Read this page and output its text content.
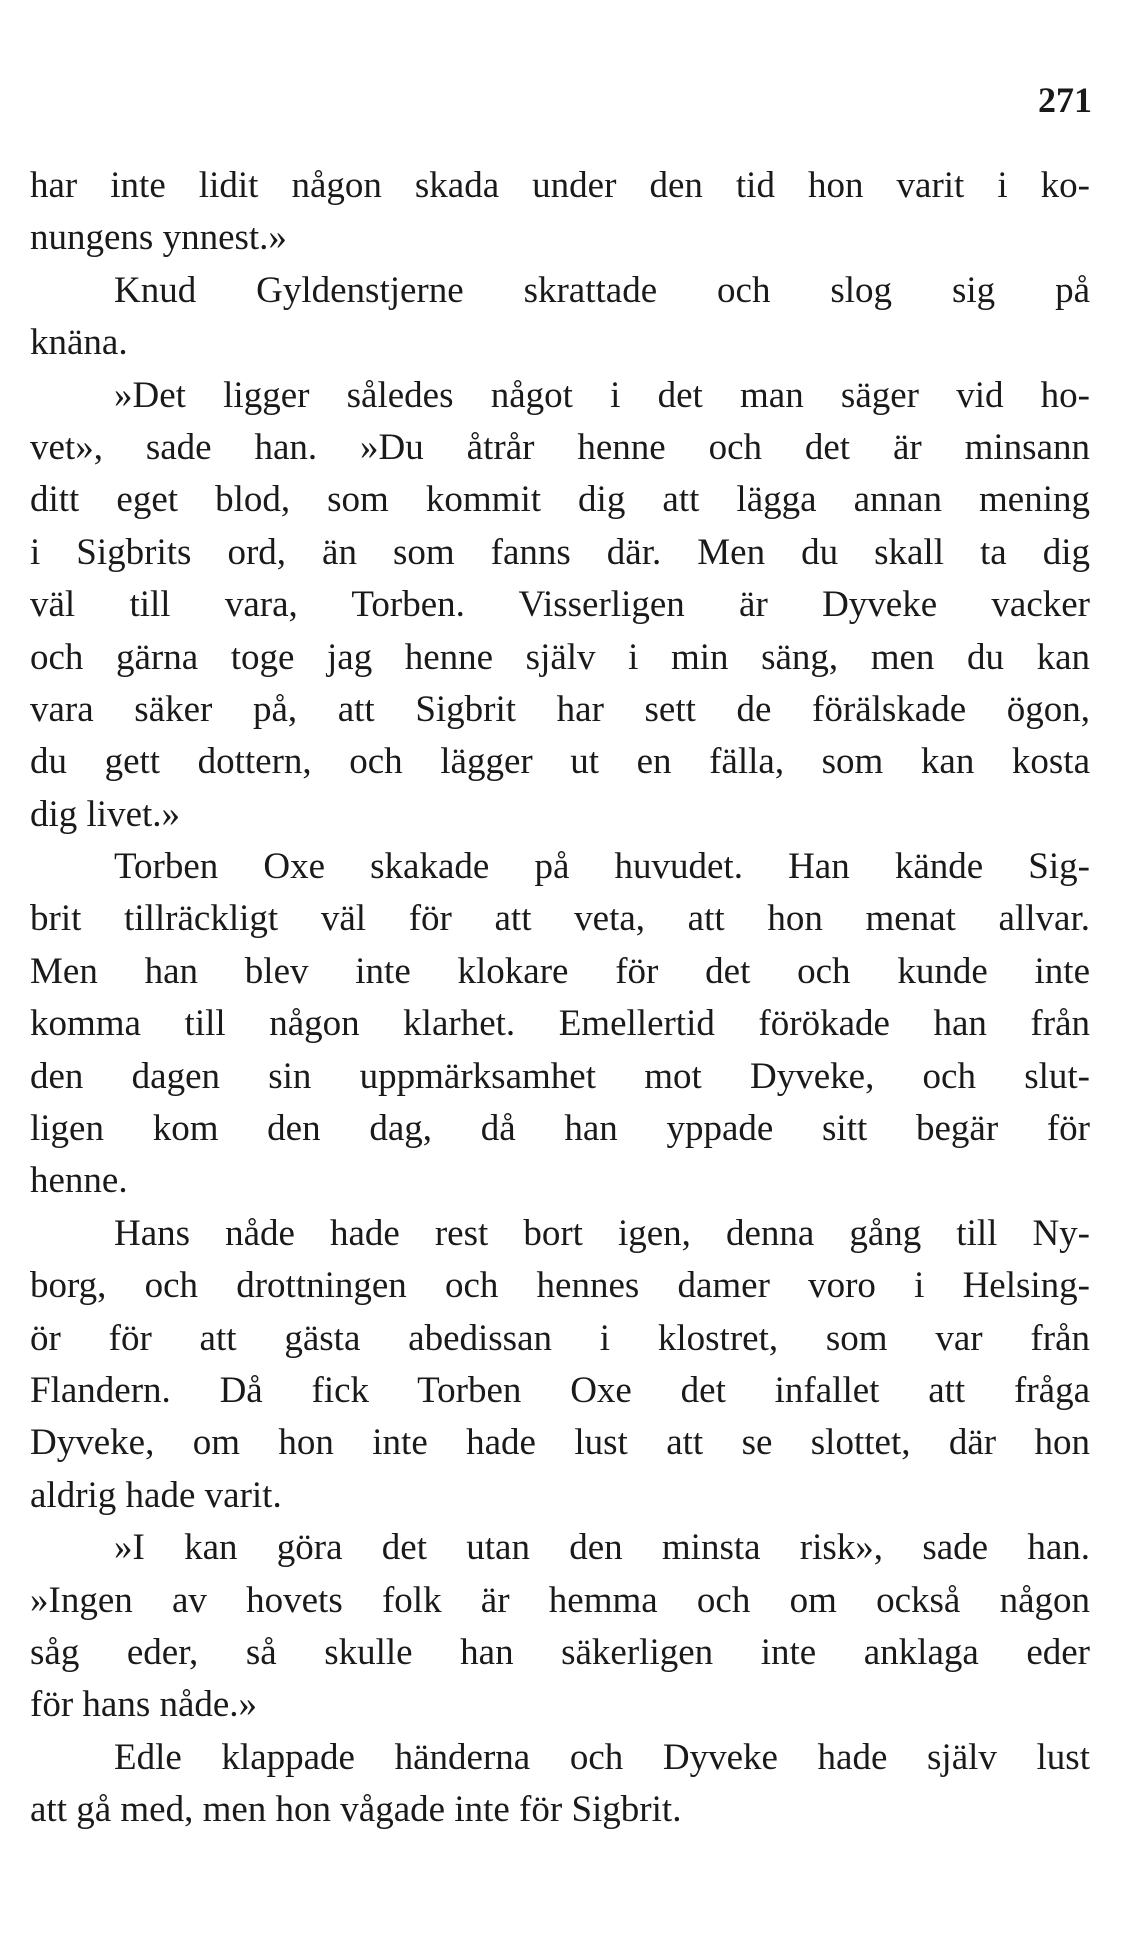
271
har inte lidit någon skada under den tid hon varit i ko-
nungens ynnest.»
Knud Gyldenstjerne skrattade och slog sig på
knäna.
»Det ligger således något i det man säger vid ho-
vet», sade han. »Du åtrår henne och det är minsann
ditt eget blod, som kommit dig att lägga annan mening
i Sigbrits ord, än som fanns där. Men du skall ta dig
väl till vara, Torben. Visserligen är Dyveke vacker
och gärna toge jag henne själv i min säng, men du kan
vara säker på, att Sigbrit har sett de förälskade ögon,
du gett dottern, och lägger ut en fälla, som kan kosta
dig livet.»
Torben Oxe skakade på huvudet. Han kände Sig-
brit tillräckligt väl för att veta, att hon menat allvar.
Men han blev inte klokare för det och kunde inte
komma till någon klarhet. Emellertid förökade han från
den dagen sin uppmärksamhet mot Dyveke, och slut-
ligen kom den dag, då han yppade sitt begär för
henne.
Hans nåde hade rest bort igen, denna gång till Ny-
borg, och drottningen och hennes damer voro i Helsing-
ör för att gästa abedissan i klostret, som var från
Flandern. Då fick Torben Oxe det infallet att fråga
Dyveke, om hon inte hade lust att se slottet, där hon
aldrig hade varit.
»I kan göra det utan den minsta risk», sade han.
»Ingen av hovets folk är hemma och om också någon
såg eder, så skulle han säkerligen inte anklaga eder
för hans nåde.»
Edle klappade händerna och Dyveke hade själv lust
att gå med, men hon vågade inte för Sigbrit.
